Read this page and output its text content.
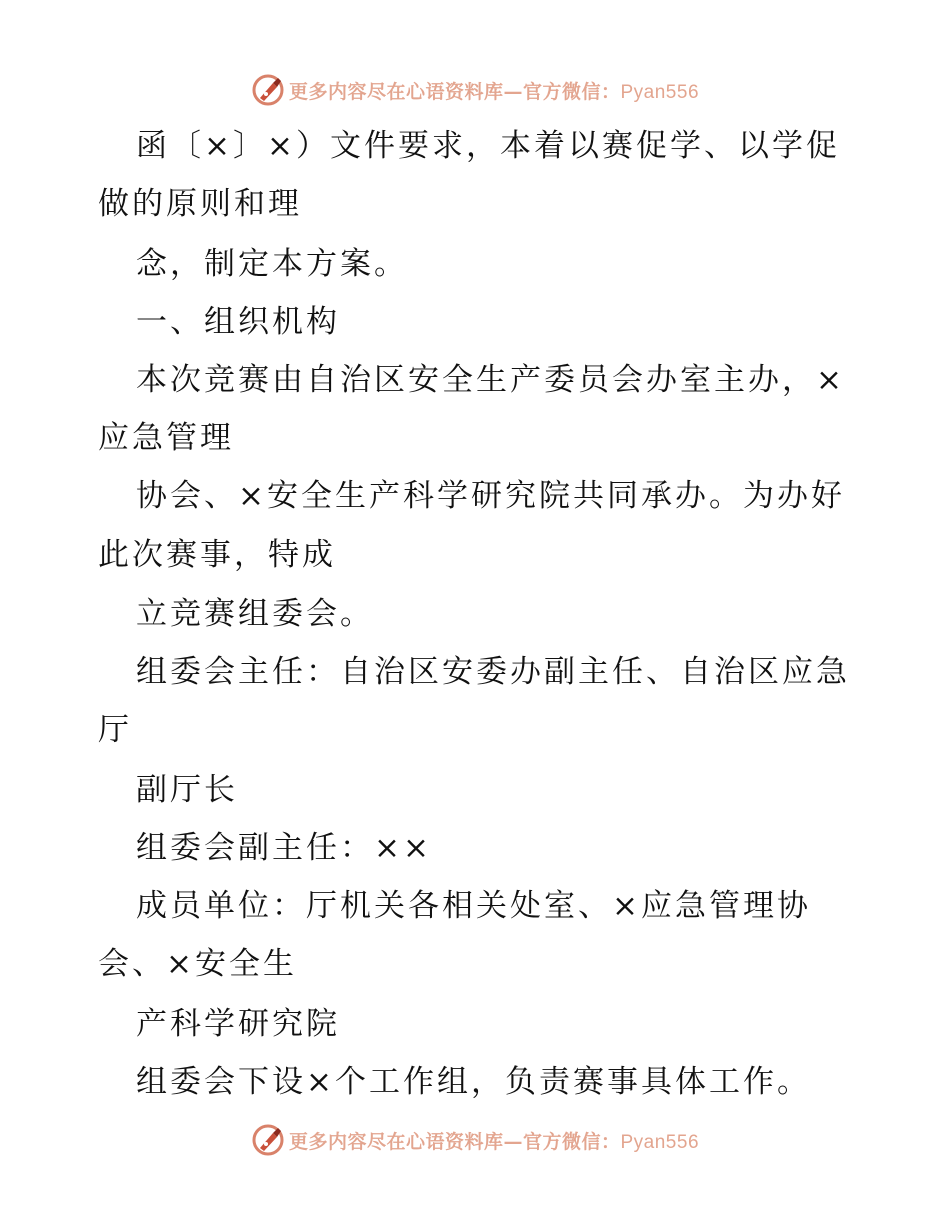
更多内容尽在心语资料库—官方微信：Pyan556
函〔×〕×）文件要求，本着以赛促学、以学促
做的原则和理
念，制定本方案。
一、组织机构
本次竞赛由自治区安全生产委员会办室主办，×
应急管理
协会、×安全生产科学研究院共同承办。为办好
此次赛事，特成
立竞赛组委会。
组委会主任：自治区安委办副主任、自治区应急
厅
副厅长
组委会副主任：××
成员单位：厅机关各相关处室、×应急管理协
会、×安全生
产科学研究院
组委会下设×个工作组，负责赛事具体工作。
更多内容尽在心语资料库—官方微信：Pyan556
